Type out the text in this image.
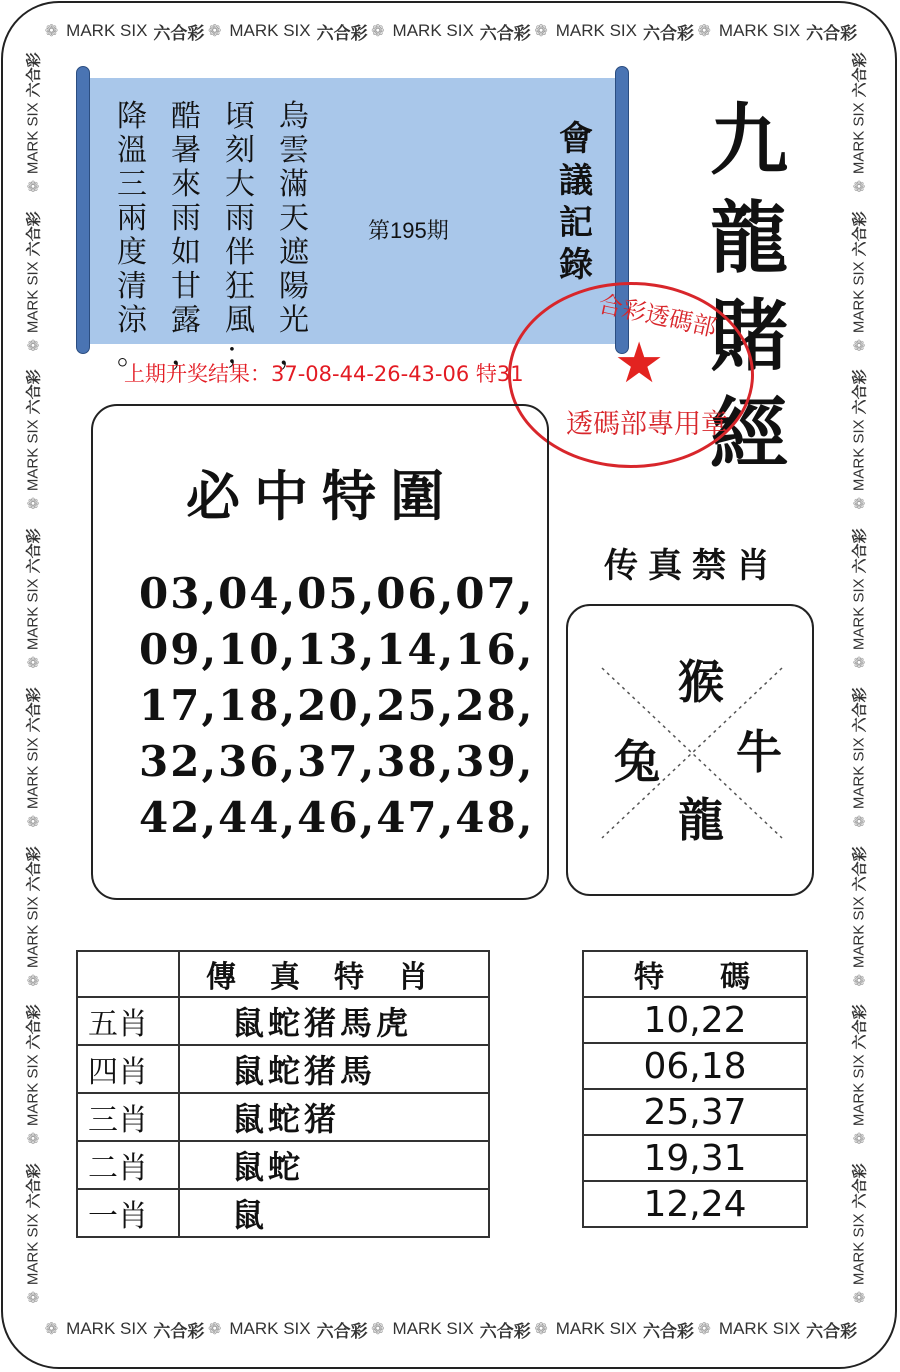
❁ MARK SIX 六合彩 ❁ MARK SIX 六合彩 ❁ MARK SIX 六合彩 ❁ MARK SIX 六合彩 ❁ MARK SIX 六合彩
❁ MARK SIX 六合彩 ❁ MARK SIX 六合彩 ❁ MARK SIX 六合彩 ❁ MARK SIX 六合彩 ❁ MARK SIX 六合彩
❁
MARK SIX
六合彩
❁
MARK SIX
六合彩
❁
MARK SIX
六合彩
❁
MARK SIX
六合彩
❁
MARK SIX
六合彩
❁
MARK SIX
六合彩
❁
MARK SIX
六合彩
❁
MARK SIX
六合彩
❁
MARK SIX
六合彩
❁
MARK SIX
六合彩
❁
MARK SIX
六合彩
❁
MARK SIX
六合彩
❁
MARK SIX
六合彩
❁
MARK SIX
六合彩
❁
MARK SIX
六合彩
❁
MARK SIX
六合彩
烏
雲
滿
天
遮
陽
光
，
頃
刻
大
雨
伴
狂
風
；
酷
暑
來
雨
如
甘
露
，
降
溫
三
兩
度
清
涼
。
第195期
會
議
記
錄
九
龍
賭
經
合彩透碼部
★
透碼部專用章
上期开奖结果：37-08-44-26-43-06 特31
必中特圍
03,04,05,06,07,
09,10,13,14,16,
17,18,20,25,28,
32,36,37,38,39,
42,44,46,47,48,
传真禁肖
猴
兔 牛
龍
	傳真特肖
五肖	鼠蛇猪馬虎
四肖	鼠蛇猪馬
三肖	鼠蛇猪
二肖	鼠蛇
一肖	鼠
特碼
10,22
06,18
25,37
19,31
12,24
